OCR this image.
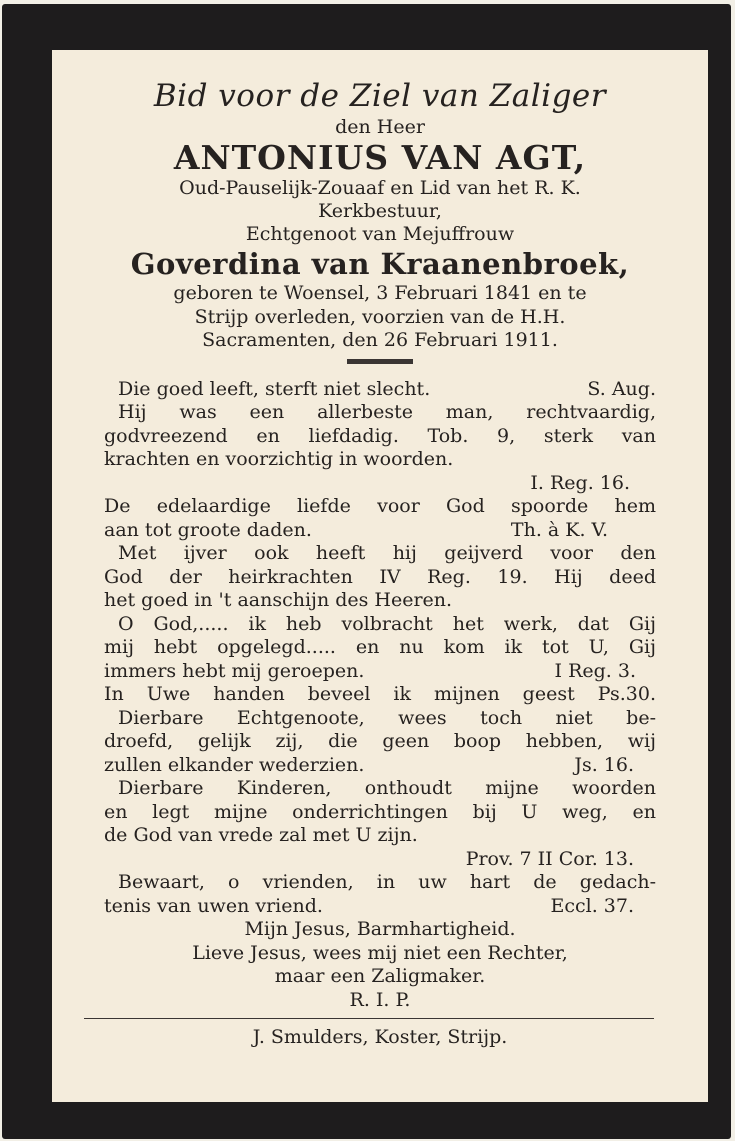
Bid voor de Ziel van Zaliger

den Heer

ANTONIUS VAN AGT,

Oud-Pauselijk-Zouaaf en Lid van het R. K.

Kerkbestuur,

Echtgenoot van Mejuffrouw

Goverdina van Kraanenbroek,

geboren te Woensel, 3 Februari 1841 en te

Strijp overleden, voorzien van de H.H.

Sacramenten, den 26 Februari 1911.

Die goed leeft, sterft niet slecht.	S. Aug.
Hij was een allerbeste man, rechtvaardig,
godvreezend en liefdadig. Tob. 9, sterk van
krachten en voorzichtig in woorden.
I. Reg. 16.
De edelaardige liefde voor God spoorde hem
aan tot groote daden.	Th. à K. V.
Met ijver ook heeft hij geijverd voor den
God der heirkrachten IV Reg. 19. Hij deed
het goed in 't aanschijn des Heeren.
O God,..... ik heb volbracht het werk, dat Gij
mij hebt opgelegd..... en nu kom ik tot U, Gij
immers hebt mij geroepen.	I Reg. 3.
In Uwe handen beveel ik mijnen geest Ps.30.
Dierbare Echtgenoote, wees toch niet be-
droefd, gelijk zij, die geen boop hebben, wij
zullen elkander wederzien.	Js. 16.
Dierbare Kinderen, onthoudt mijne woorden
en legt mijne onderrichtingen bij U weg, en
de God van vrede zal met U zijn.
Prov. 7 II Cor. 13.
Bewaart, o vrienden, in uw hart de gedach-
tenis van uwen vriend.	Eccl. 37.
Mijn Jesus, Barmhartigheid.
Lieve Jesus, wees mij niet een Rechter,
maar een Zaligmaker.
R. I. P.

J. Smulders, Koster, Strijp.
